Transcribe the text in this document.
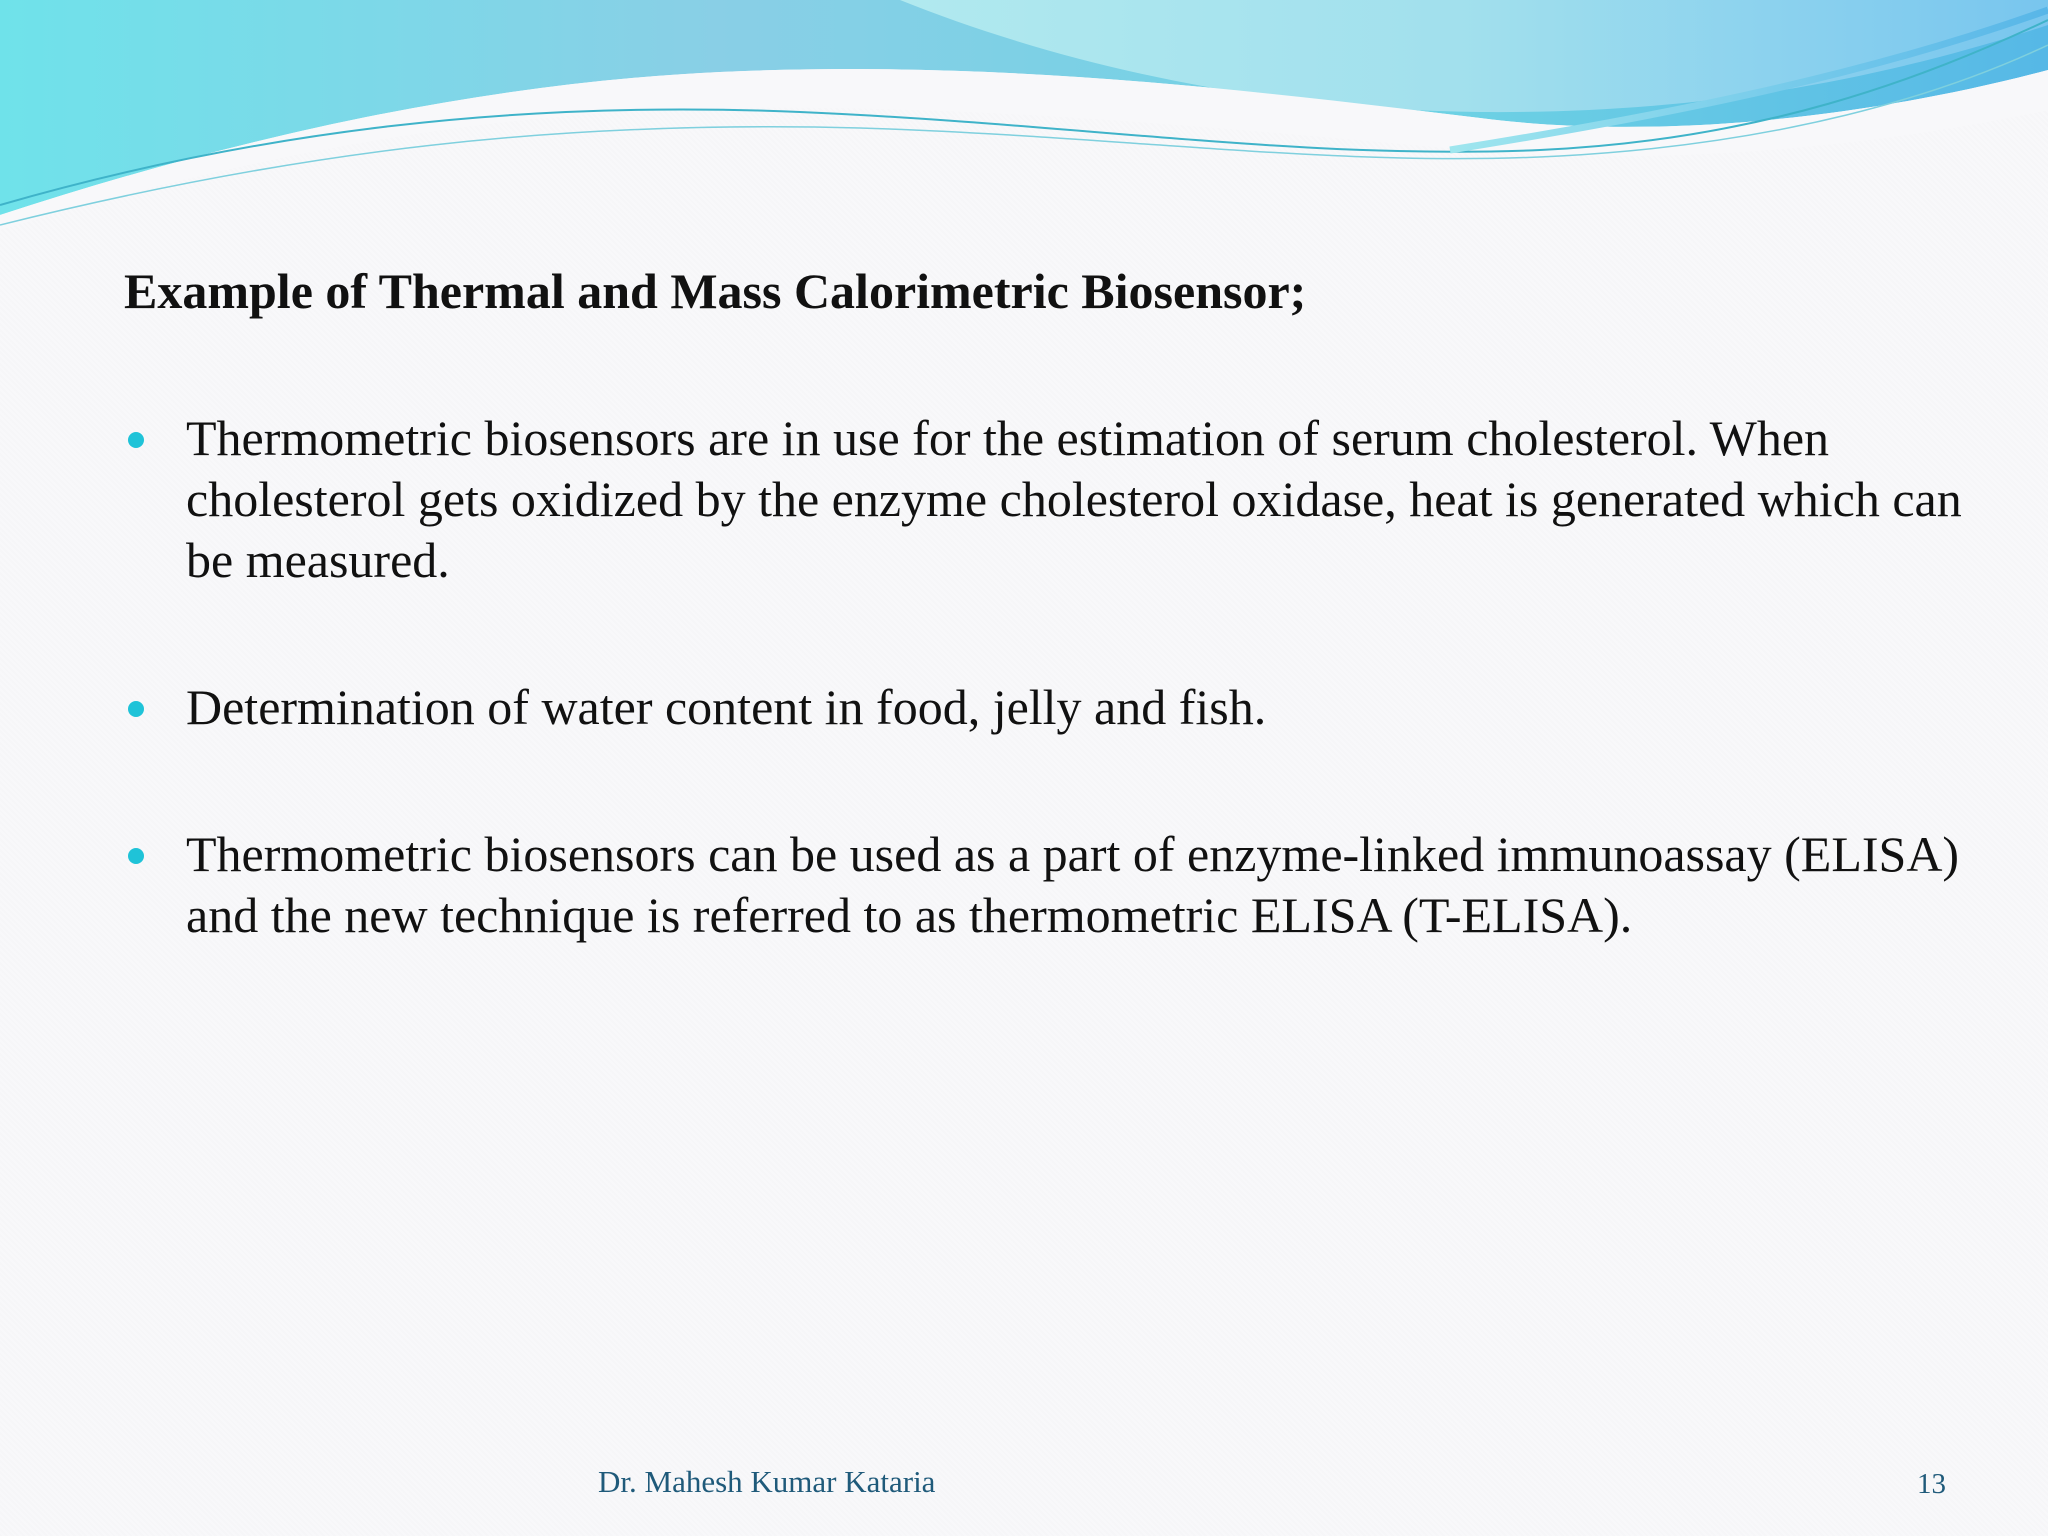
Example of Thermal and Mass Calorimetric Biosensor;
Thermometric biosensors are in use for the estimation of serum cholesterol. When cholesterol gets oxidized by the enzyme cholesterol oxidase, heat is generated which can be measured.
Determination of water content in food, jelly and fish.
Thermometric biosensors can be used as a part of enzyme-linked immunoassay (ELISA) and the new technique is referred to as thermometric ELISA (T-ELISA).
Dr. Mahesh Kumar Kataria	13
